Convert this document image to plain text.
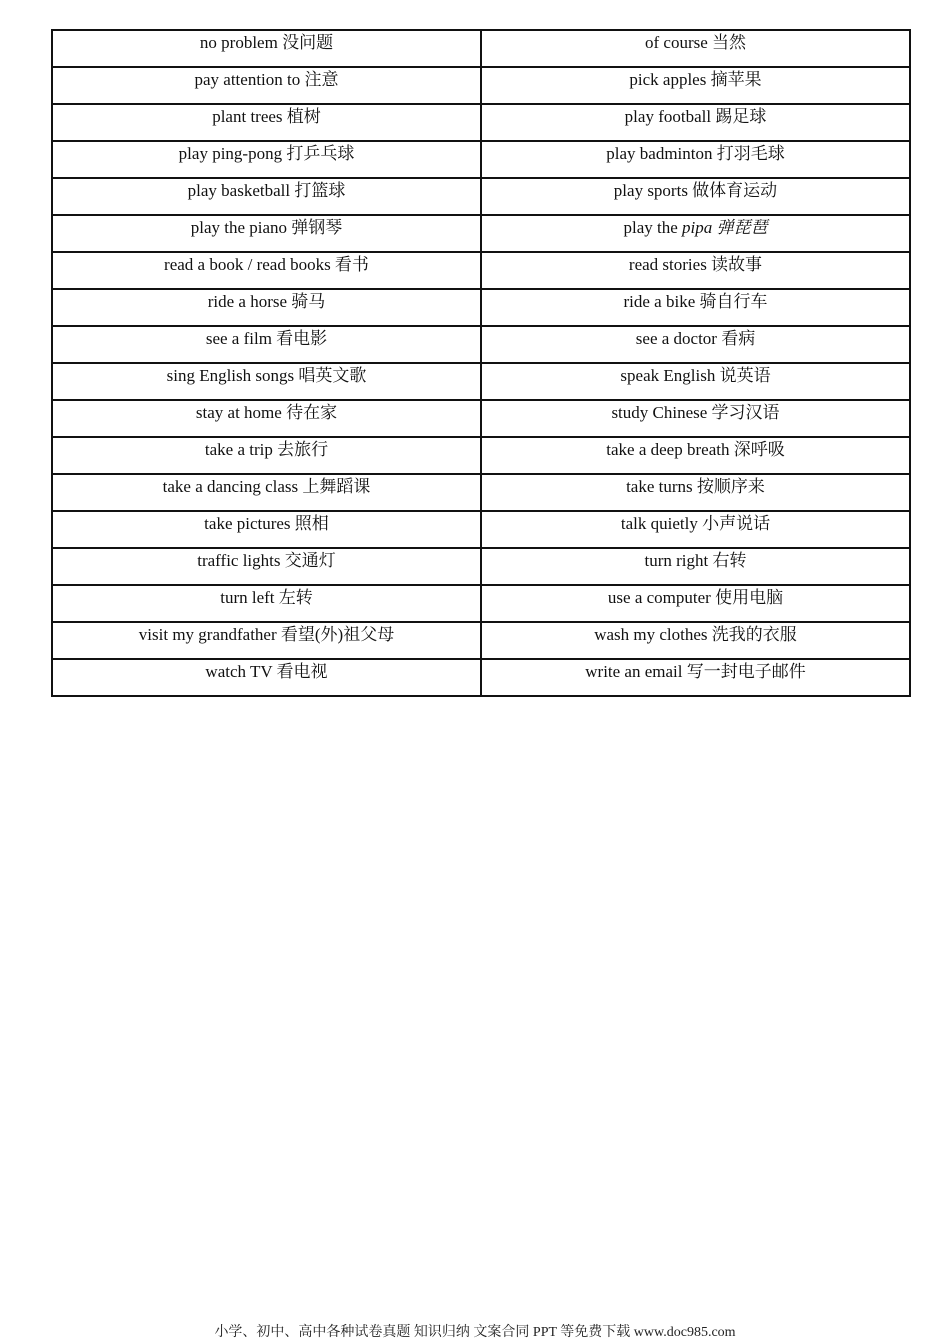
no problem 没问题	of course 当然
pay attention to 注意	pick apples 摘苹果
plant trees 植树	play football 踢足球
play ping-pong 打乒乓球	play badminton 打羽毛球
play basketball 打篮球	play sports 做体育运动
play the piano 弹钢琴	play the pipa 弹琵琶
read a book / read books 看书	read stories 读故事
ride a horse 骑马	ride a bike 骑自行车
see a film 看电影	see a doctor 看病
sing English songs 唱英文歌	speak English 说英语
stay at home 待在家	study Chinese 学习汉语
take a trip 去旅行	take a deep breath 深呼吸
take a dancing class 上舞蹈课	take turns 按顺序来
take pictures 照相	talk quietly 小声说话
traffic lights 交通灯	turn right 右转
turn left 左转	use a computer 使用电脑
visit my grandfather 看望(外)祖父母	wash my clothes 洗我的衣服
watch TV 看电视	write an email 写一封电子邮件
小学、初中、高中各种试卷真题 知识归纳 文案合同 PPT 等免费下载 www.doc985.com
